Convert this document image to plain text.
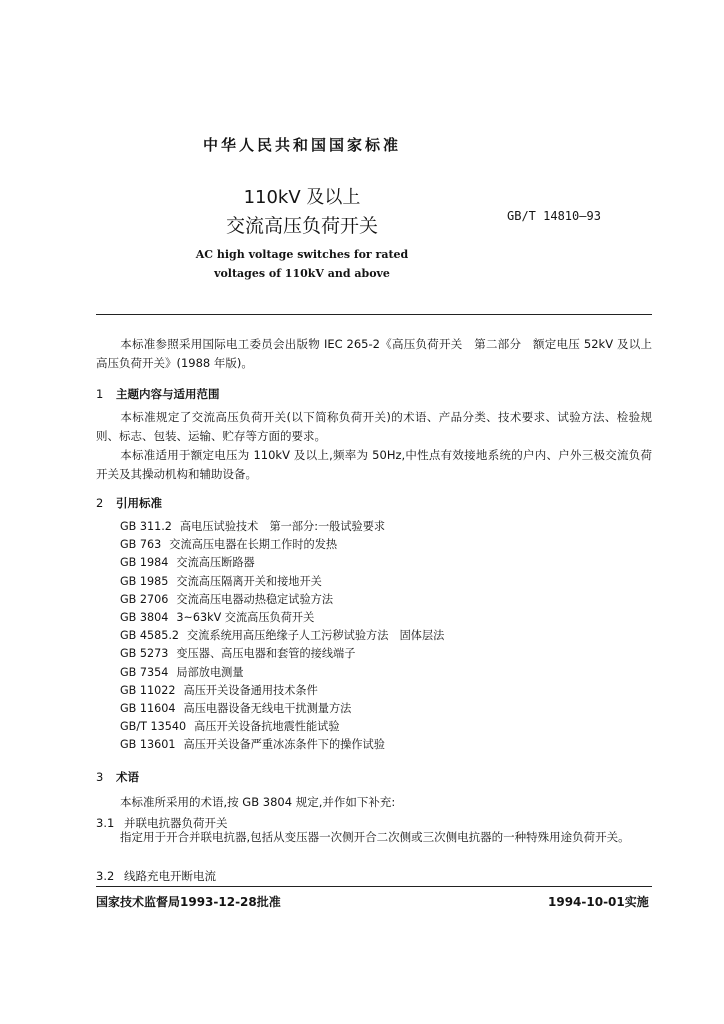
中华人民共和国国家标准
110kV 及以上
交流高压负荷开关	GB/T 14810—93
AC high voltage switches for rated
voltages of 110kV and above
本标准参照采用国际电工委员会出版物 IEC 265-2《高压负荷开关　第二部分　额定电压 52kV 及以上高压负荷开关》(1988 年版)。
1 主题内容与适用范围
本标准规定了交流高压负荷开关(以下简称负荷开关)的术语、产品分类、技术要求、试验方法、检验规则、标志、包装、运输、贮存等方面的要求。
本标准适用于额定电压为 110kV 及以上,频率为 50Hz,中性点有效接地系统的户内、户外三极交流负荷开关及其操动机构和辅助设备。
2 引用标准
GB 311.2 高电压试验技术　第一部分:一般试验要求
GB 763 交流高压电器在长期工作时的发热
GB 1984 交流高压断路器
GB 1985 交流高压隔离开关和接地开关
GB 2706 交流高压电器动热稳定试验方法
GB 3804 3~63kV 交流高压负荷开关
GB 4585.2 交流系统用高压绝缘子人工污秽试验方法　固体层法
GB 5273 变压器、高压电器和套管的接线端子
GB 7354 局部放电测量
GB 11022 高压开关设备通用技术条件
GB 11604 高压电器设备无线电干扰测量方法
GB/T 13540 高压开关设备抗地震性能试验
GB 13601 高压开关设备严重冰冻条件下的操作试验
3 术语
本标准所采用的术语,按 GB 3804 规定,并作如下补充:
3.1 并联电抗器负荷开关
指定用于开合并联电抗器,包括从变压器一次侧开合二次侧或三次侧电抗器的一种特殊用途负荷开关。
3.2 线路充电开断电流
国家技术监督局1993-12-28批准	1994-10-01实施
